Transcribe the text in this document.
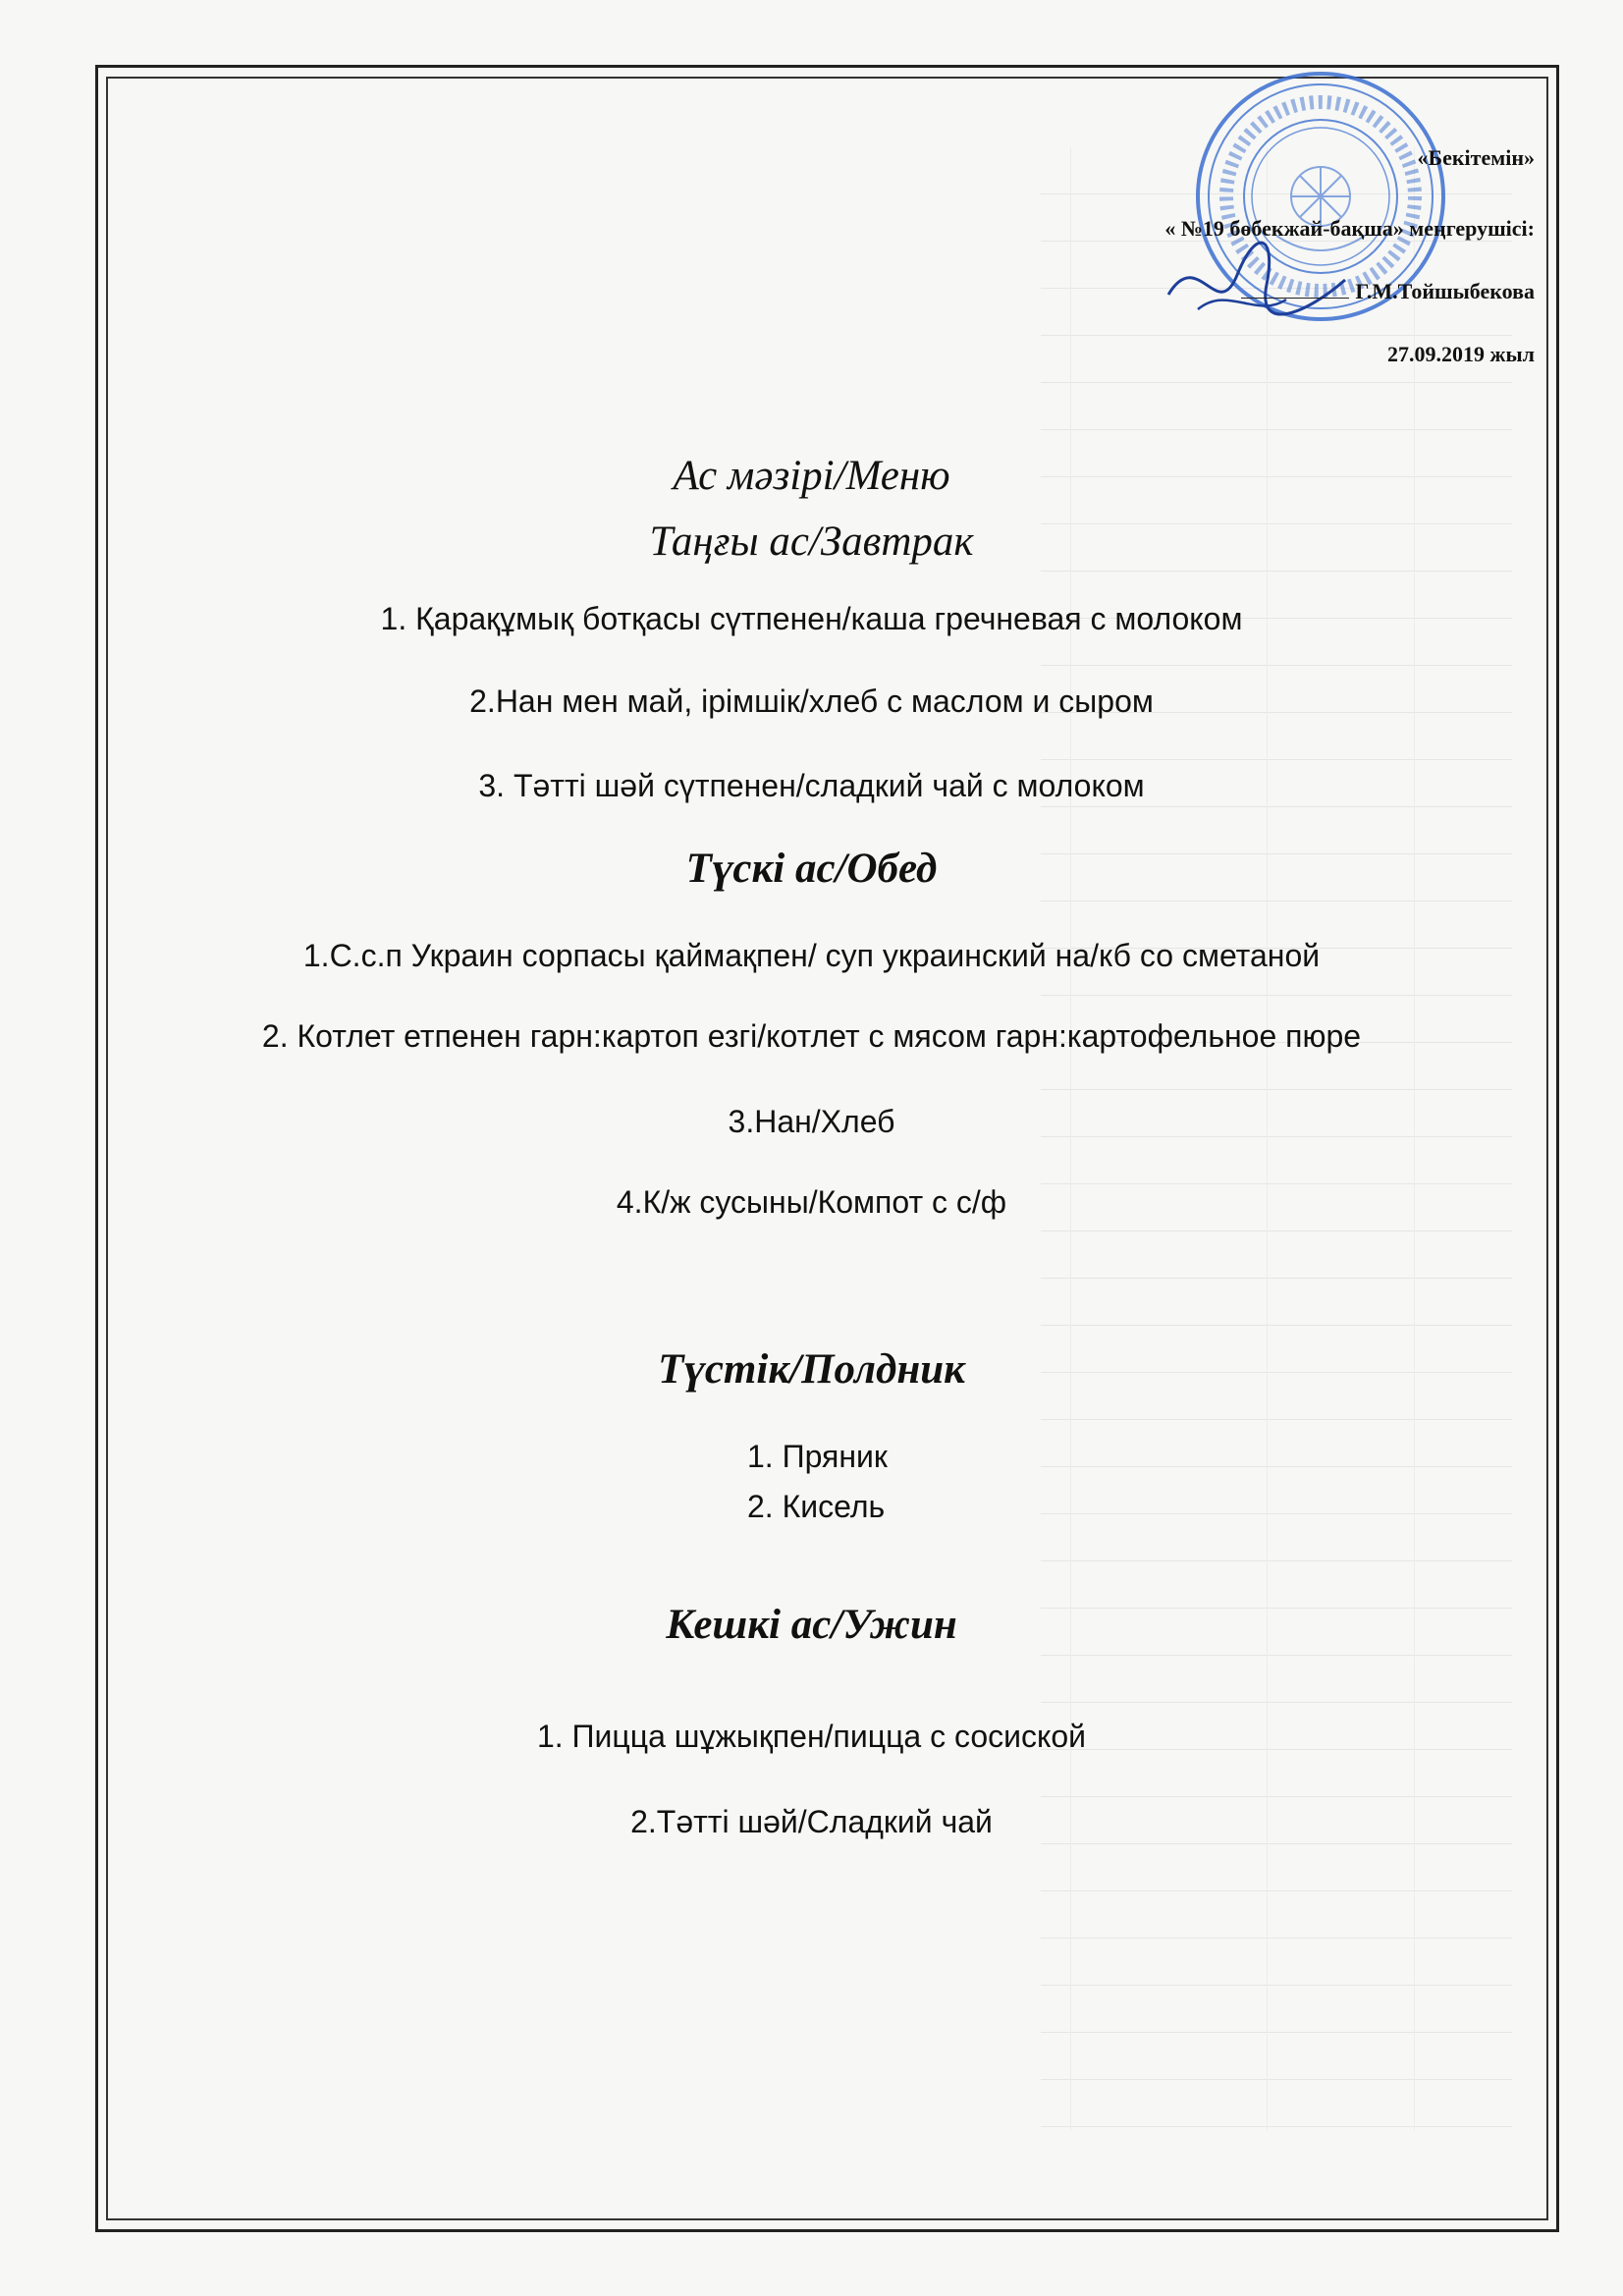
«Бекітемін»
« №19 бөбекжай-бақша» меңгерушісі:
Г.М.Тойшыбекова
27.09.2019 жыл
Ас мәзірі/Меню
Таңғы ас/Завтрак
1. Қарақұмық ботқасы сүтпенен/каша гречневая с молоком
2.Нан мен май, ірімшік/хлеб с маслом и сыром
3. Тәтті шәй сүтпенен/сладкий чай с молоком
Түскі ас/Обед
1.С.с.п Украин сорпасы қаймақпен/ суп украинский на/кб со сметаной
2. Котлет етпенен гарн:картоп езгі/котлет с мясом гарн:картофельное пюре
3.Нан/Хлеб
4.К/ж сусыны/Компот с с/ф
Түстік/Полдник
1. Пряник
2. Кисель
Кешкі ас/Ужин
1. Пицца шұжықпен/пицца с сосиской
2.Тәтті шәй/Сладкий чай
